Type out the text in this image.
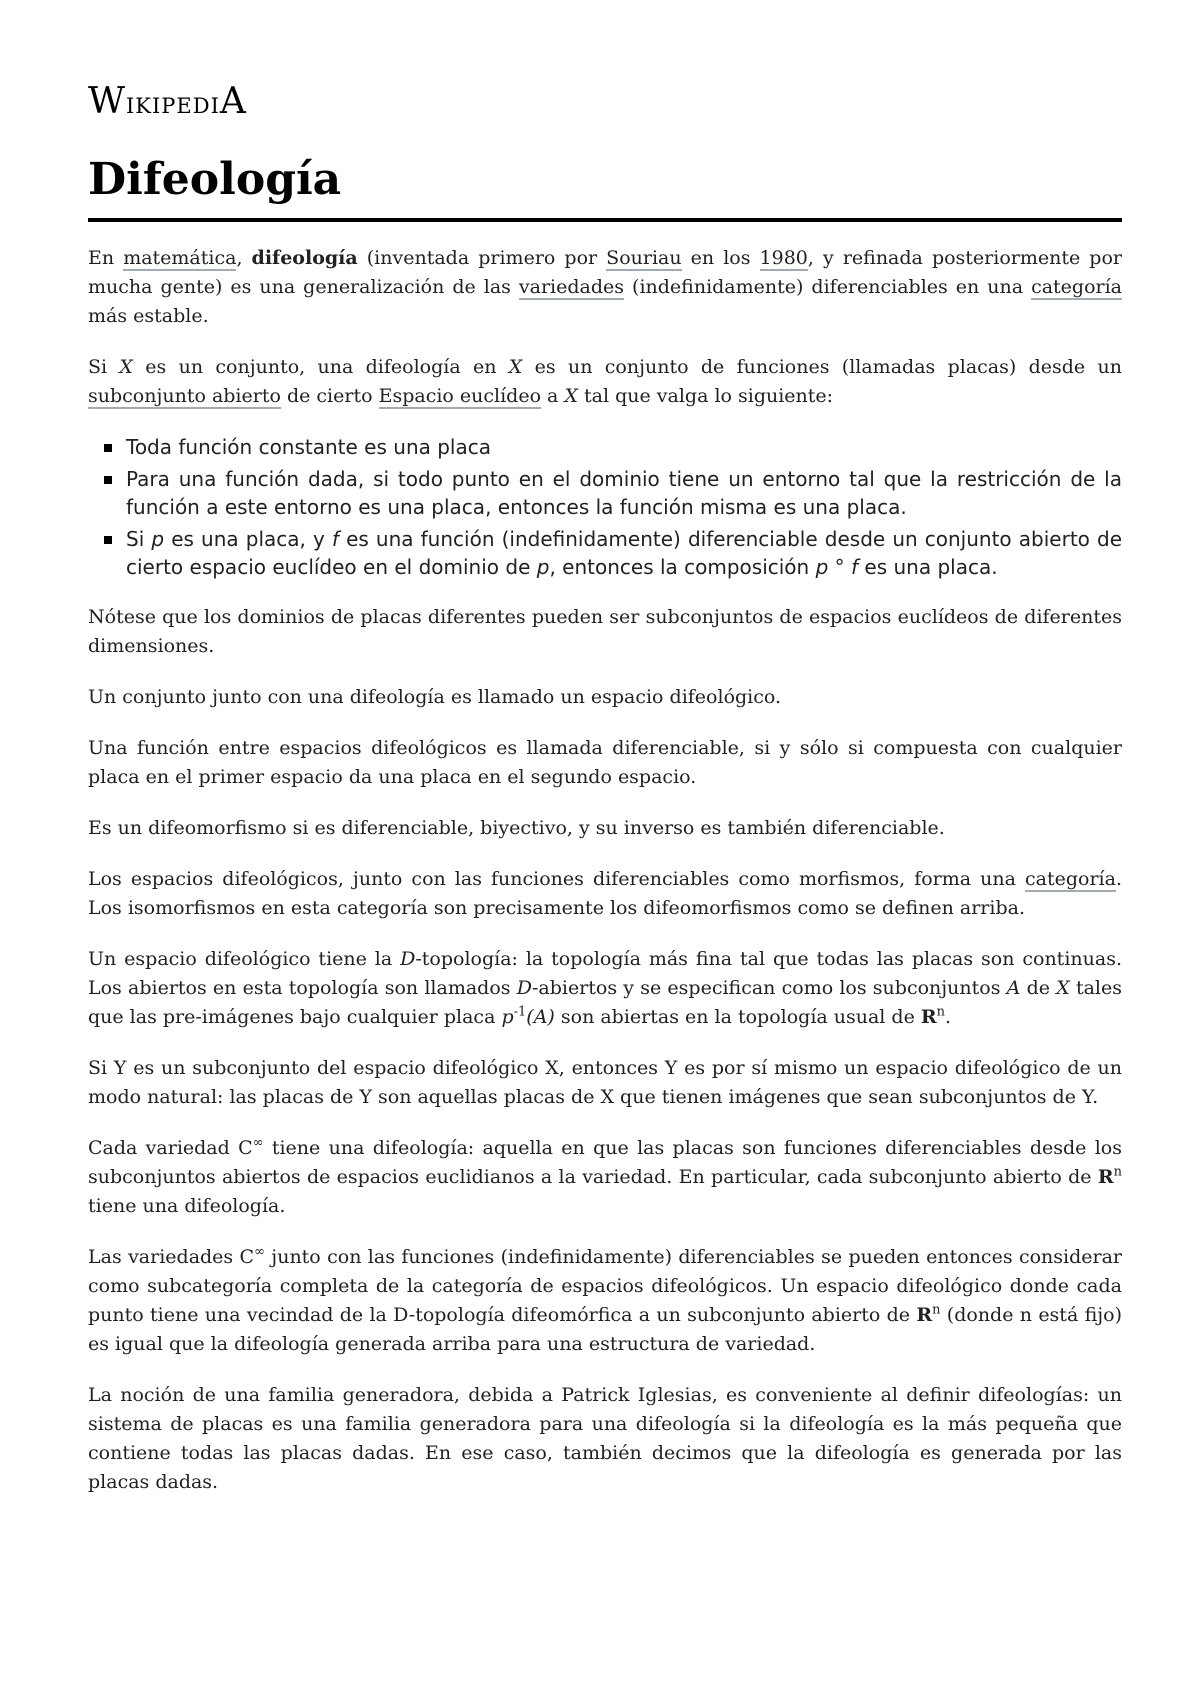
WikipediA
Difeología

En matemática, difeología (inventada primero por Souriau en los 1980, y refinada posteriormente por mucha gente) es una generalización de las variedades (indefinidamente) diferenciables en una categoría más estable.

Si X es un conjunto, una difeología en X es un conjunto de funciones (llamadas placas) desde un subconjunto abierto de cierto Espacio euclídeo a X tal que valga lo siguiente:

Toda función constante es una placa
Para una función dada, si todo punto en el dominio tiene un entorno tal que la restricción de la función a este entorno es una placa, entonces la función misma es una placa.
Si p es una placa, y f es una función (indefinidamente) diferenciable desde un conjunto abierto de cierto espacio euclídeo en el dominio de p, entonces la composición p ° f es una placa.

Nótese que los dominios de placas diferentes pueden ser subconjuntos de espacios euclídeos de diferentes dimensiones.

Un conjunto junto con una difeología es llamado un espacio difeológico.

Una función entre espacios difeológicos es llamada diferenciable, si y sólo si compuesta con cualquier placa en el primer espacio da una placa en el segundo espacio.

Es un difeomorfismo si es diferenciable, biyectivo, y su inverso es también diferenciable.

Los espacios difeológicos, junto con las funciones diferenciables como morfismos, forma una categoría. Los isomorfismos en esta categoría son precisamente los difeomorfismos como se definen arriba.

Un espacio difeológico tiene la D-topología: la topología más fina tal que todas las placas son continuas. Los abiertos en esta topología son llamados D-abiertos y se especifican como los subconjuntos A de X tales que las pre-imágenes bajo cualquier placa $p^{-1}(A)$ son abiertas en la topología usual de $R^n$.

Si Y es un subconjunto del espacio difeológico X, entonces Y es por sí mismo un espacio difeológico de un modo natural: las placas de Y son aquellas placas de X que tienen imágenes que sean subconjuntos de Y.

Cada variedad C∞ tiene una difeología: aquella en que las placas son funciones diferenciables desde los subconjuntos abiertos de espacios euclidianos a la variedad. En particular, cada subconjunto abierto de $R^n$ tiene una difeología.

Las variedades C∞ junto con las funciones (indefinidamente) diferenciables se pueden entonces considerar como subcategoría completa de la categoría de espacios difeológicos. Un espacio difeológico donde cada punto tiene una vecindad de la D-topología difeomórfica a un subconjunto abierto de $R^n$ (donde n está fijo) es igual que la difeología generada arriba para una estructura de variedad.

La noción de una familia generadora, debida a Patrick Iglesias, es conveniente al definir difeologías: un sistema de placas es una familia generadora para una difeología si la difeología es la más pequeña que contiene todas las placas dadas. En ese caso, también decimos que la difeología es generada por las placas dadas.
